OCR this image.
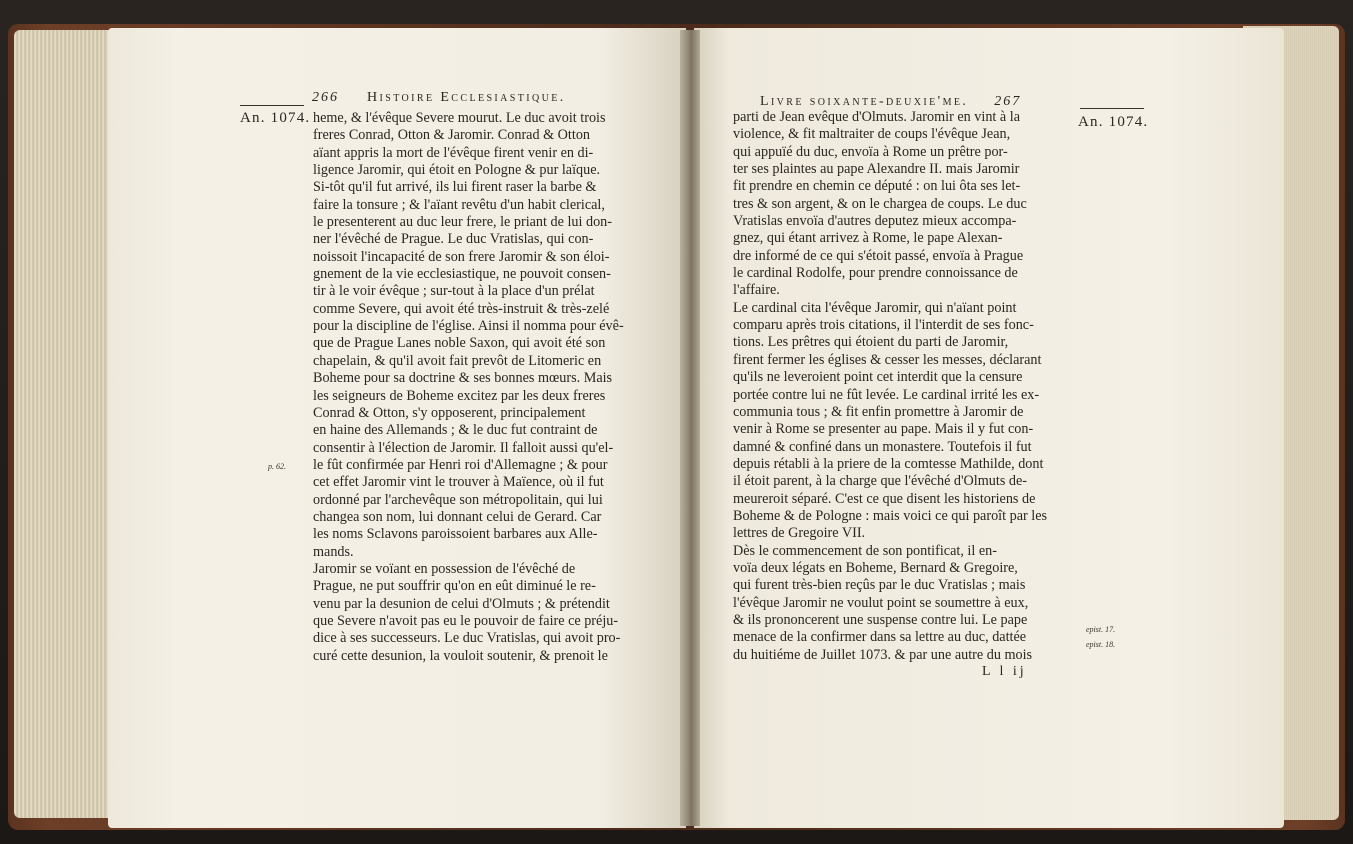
266 Histoire Ecclesiastique.
An. 1074.
p. 62.
heme, & l'évêque Severe mourut. Le duc avoit trois
freres Conrad, Otton & Jaromir. Conrad & Otton
aïant appris la mort de l'évêque firent venir en di-
ligence Jaromir, qui étoit en Pologne & pur laïque.
Si-tôt qu'il fut arrivé, ils lui firent raser la barbe &
faire la tonsure ; & l'aïant revêtu d'un habit clerical,
le presenterent au duc leur frere, le priant de lui don-
ner l'évêché de Prague. Le duc Vratislas, qui con-
noissoit l'incapacité de son frere Jaromir & son éloi-
gnement de la vie ecclesiastique, ne pouvoit consen-
tir à le voir évêque ; sur-tout à la place d'un prélat
comme Severe, qui avoit été très-instruit & très-zelé
pour la discipline de l'église. Ainsi il nomma pour évê-
que de Prague Lanes noble Saxon, qui avoit été son
chapelain, & qu'il avoit fait prevôt de Litomeric en
Boheme pour sa doctrine & ses bonnes mœurs. Mais
les seigneurs de Boheme excitez par les deux freres
Conrad & Otton, s'y opposerent, principalement
en haine des Allemands ; & le duc fut contraint de
consentir à l'élection de Jaromir. Il falloit aussi qu'el-
le fût confirmée par Henri roi d'Allemagne ; & pour
cet effet Jaromir vint le trouver à Maïence, où il fut
ordonné par l'archevêque son métropolitain, qui lui
changea son nom, lui donnant celui de Gerard. Car
les noms Sclavons paroissoient barbares aux Alle-
mands.
Jaromir se voïant en possession de l'évêché de
Prague, ne put souffrir qu'on en eût diminué le re-
venu par la desunion de celui d'Olmuts ; & prétendit
que Severe n'avoit pas eu le pouvoir de faire ce préju-
dice à ses successeurs. Le duc Vratislas, qui avoit pro-
curé cette desunion, la vouloit soutenir, & prenoit le
Livre soixante-deuxie'me. 267
An. 1074.
epist. 17.
epist. 18.
parti de Jean evêque d'Olmuts. Jaromir en vint à la
violence, & fit maltraiter de coups l'évêque Jean,
qui appuïé du duc, envoïa à Rome un prêtre por-
ter ses plaintes au pape Alexandre II. mais Jaromir
fit prendre en chemin ce député : on lui ôta ses let-
tres & son argent, & on le chargea de coups. Le duc
Vratislas envoïa d'autres deputez mieux accompa-
gnez, qui étant arrivez à Rome, le pape Alexan-
dre informé de ce qui s'étoit passé, envoïa à Prague
le cardinal Rodolfe, pour prendre connoissance de
l'affaire.
Le cardinal cita l'évêque Jaromir, qui n'aïant point
comparu après trois citations, il l'interdit de ses fonc-
tions. Les prêtres qui étoient du parti de Jaromir,
firent fermer les églises & cesser les messes, déclarant
qu'ils ne leveroient point cet interdit que la censure
portée contre lui ne fût levée. Le cardinal irrité les ex-
communia tous ; & fit enfin promettre à Jaromir de
venir à Rome se presenter au pape. Mais il y fut con-
damné & confiné dans un monastere. Toutefois il fut
depuis rétabli à la priere de la comtesse Mathilde, dont
il étoit parent, à la charge que l'évêché d'Olmuts de-
meureroit séparé. C'est ce que disent les historiens de
Boheme & de Pologne : mais voici ce qui paroît par les
lettres de Gregoire VII.
Dès le commencement de son pontificat, il en-
voïa deux légats en Boheme, Bernard & Gregoire,
qui furent très-bien reçûs par le duc Vratislas ; mais
l'évêque Jaromir ne voulut point se soumettre à eux,
& ils prononcerent une suspense contre lui. Le pape
menace de la confirmer dans sa lettre au duc, dattée
du huitiéme de Juillet 1073. & par une autre du mois
L l ij
